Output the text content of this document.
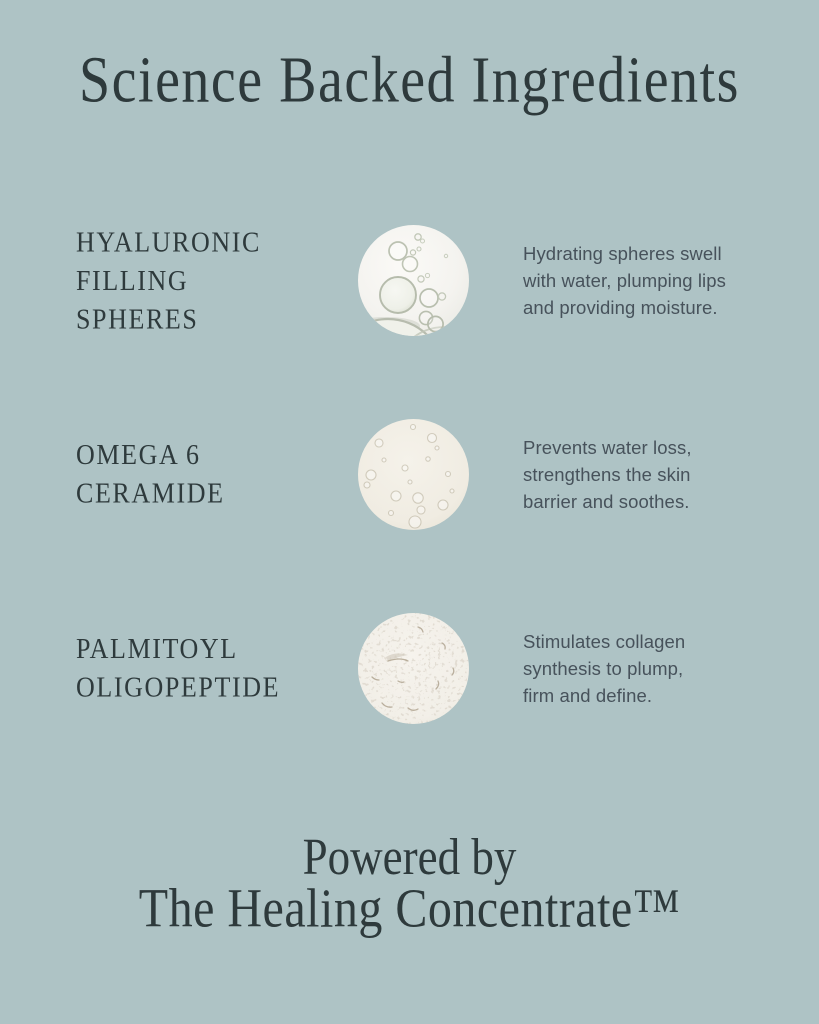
Science Backed Ingredients
HYALURONIC
FILLING
SPHERES
Hydrating spheres swell
with water, plumping lips
and providing moisture.
OMEGA 6
CERAMIDE
Prevents water loss,
strengthens the skin
barrier and soothes.
PALMITOYL
OLIGOPEPTIDE
Stimulates collagen
synthesis to plump,
firm and define.
Powered by
The Healing Concentrate™
